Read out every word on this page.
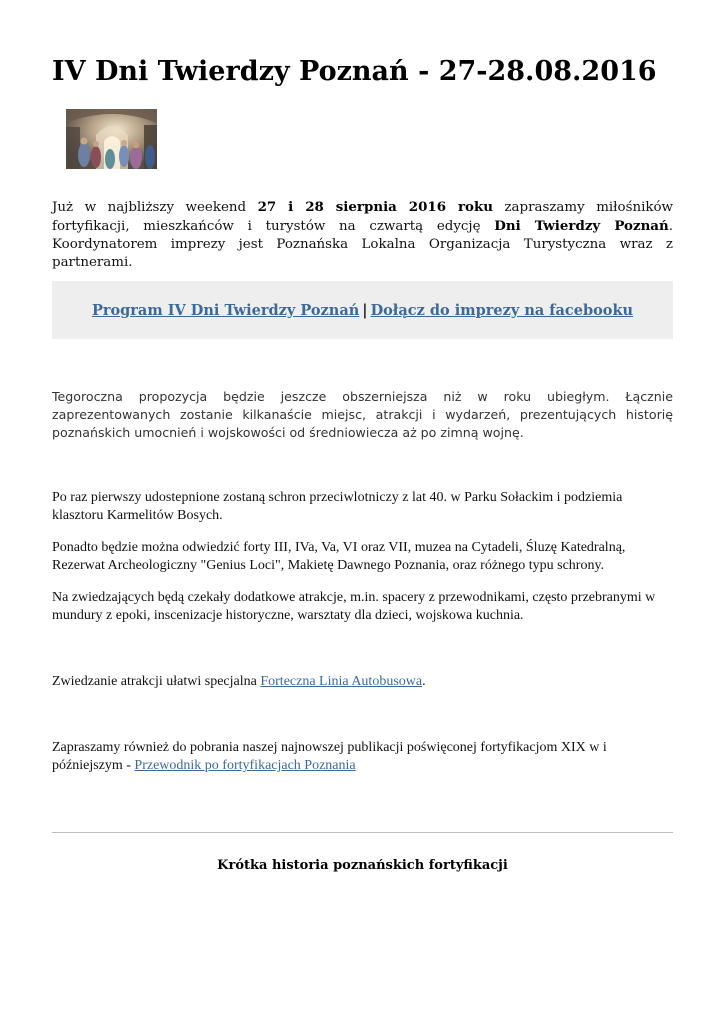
IV Dni Twierdzy Poznań - 27-28.08.2016

Już w najbliższy weekend 27 i 28 sierpnia 2016 roku zapraszamy miłośników fortyfikacji, mieszkańców i turystów na czwartą edycję Dni Twierdzy Poznań. Koordynatorem imprezy jest Poznańska Lokalna Organizacja Turystyczna wraz z partnerami.

Program IV Dni Twierdzy Poznań | Dołącz do imprezy na facebooku

Tegoroczna propozycja będzie jeszcze obszerniejsza niż w roku ubiegłym. Łącznie zaprezentowanych zostanie kilkanaście miejsc, atrakcji i wydarzeń, prezentujących historię poznańskich umocnień i wojskowości od średniowiecza aż po zimną wojnę.

Po raz pierwszy udostepnione zostaną schron przeciwlotniczy z lat 40. w Parku Sołackim i podziemia klasztoru Karmelitów Bosych.

Ponadto będzie można odwiedzić forty III, IVa, Va, VI oraz VII, muzea na Cytadeli, Śluzę Katedralną, Rezerwat Archeologiczny "Genius Loci", Makietę Dawnego Poznania, oraz różnego typu schrony.

Na zwiedzających będą czekały dodatkowe atrakcje, m.in. spacery z przewodnikami, często przebranymi w mundury z epoki, inscenizacje historyczne, warsztaty dla dzieci, wojskowa kuchnia.

Zwiedzanie atrakcji ułatwi specjalna Forteczna Linia Autobusowa.

Zapraszamy również do pobrania naszej najnowszej publikacji poświęconej fortyfikacjom XIX w i późniejszym - Przewodnik po fortyfikacjach Poznania

Krótka historia poznańskich fortyfikacji
